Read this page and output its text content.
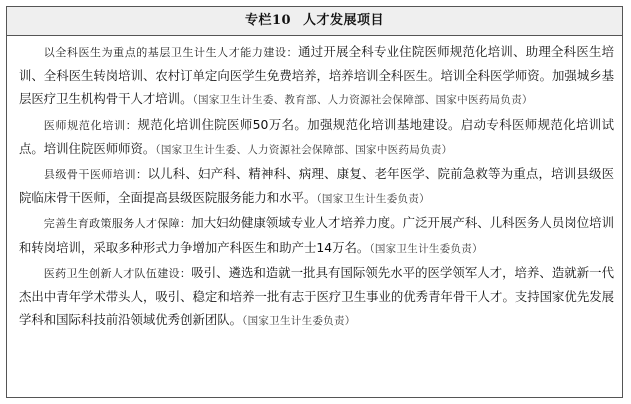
专栏10 人才发展项目

以全科医生为重点的基层卫生计生人才能力建设：通过开展全科专业住院医师规范化培训、助理全科医生培训、全科医生转岗培训、农村订单定向医学生免费培养，培养培训全科医生。培训全科医学师资。加强城乡基层医疗卫生机构骨干人才培训。（国家卫生计生委、教育部、人力资源社会保障部、国家中医药局负责）

医师规范化培训：规范化培训住院医师50万名。加强规范化培训基地建设。启动专科医师规范化培训试点。培训住院医师师资。（国家卫生计生委、人力资源社会保障部、国家中医药局负责）

县级骨干医师培训：以儿科、妇产科、精神科、病理、康复、老年医学、院前急救等为重点，培训县级医院临床骨干医师，全面提高县级医院服务能力和水平。（国家卫生计生委负责）

完善生育政策服务人才保障：加大妇幼健康领域专业人才培养力度。广泛开展产科、儿科医务人员岗位培训和转岗培训，采取多种形式力争增加产科医生和助产士14万名。（国家卫生计生委负责）

医药卫生创新人才队伍建设：吸引、遴选和造就一批具有国际领先水平的医学领军人才，培养、造就新一代杰出中青年学术带头人，吸引、稳定和培养一批有志于医疗卫生事业的优秀青年骨干人才。支持国家优先发展学科和国际科技前沿领域优秀创新团队。（国家卫生计生委负责）
